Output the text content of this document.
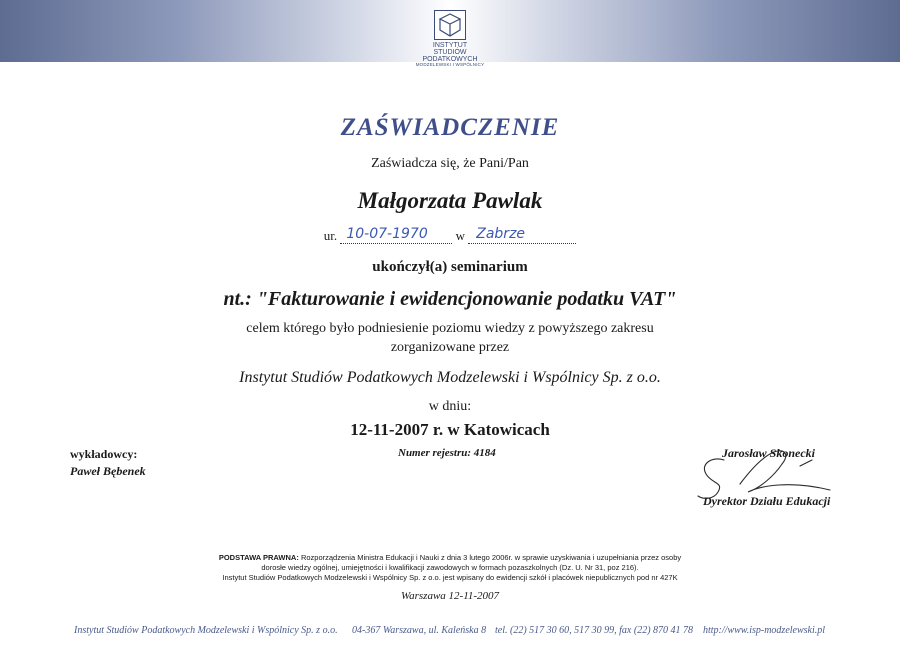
INSTYTUT
STUDIÓW
PODATKOWYCH
MODZELEWSKI I WSPÓLNICY
ZAŚWIADCZENIE
Zaświadcza się, że Pani/Pan
Małgorzata Pawlak
ur. 10-07-1970 w Zabrze
ukończył(a) seminarium
nt.: "Fakturowanie i ewidencjonowanie podatku VAT"
celem którego było podniesienie poziomu wiedzy z powyższego zakresu
zorganizowane przez
Instytut Studiów Podatkowych Modzelewski i Wspólnicy Sp. z o.o.
w dniu:
12-11-2007 r. w Katowicach
Numer rejestru: 4184
wykładowcy:
Paweł Bębenek
Jarosław Skonecki
Dyrektor Działu Edukacji
PODSTAWA PRAWNA: Rozporządzenia Ministra Edukacji i Nauki z dnia 3 lutego 2006r. w sprawie uzyskiwania i uzupełniania przez osoby
dorosłe wiedzy ogólnej, umiejętności i kwalifikacji zawodowych w formach pozaszkolnych (Dz. U. Nr 31, poz 216).
Instytut Studiów Podatkowych Modzelewski i Wspólnicy Sp. z o.o. jest wpisany do ewidencji szkół i placówek niepublicznych pod nr 427K
Warszawa 12-11-2007
Instytut Studiów Podatkowych Modzelewski i Wspólnicy Sp. z o.o. 04-367 Warszawa, ul. Kaleńska 8 tel. (22) 517 30 60, 517 30 99, fax (22) 870 41 78 http://www.isp-modzelewski.pl
